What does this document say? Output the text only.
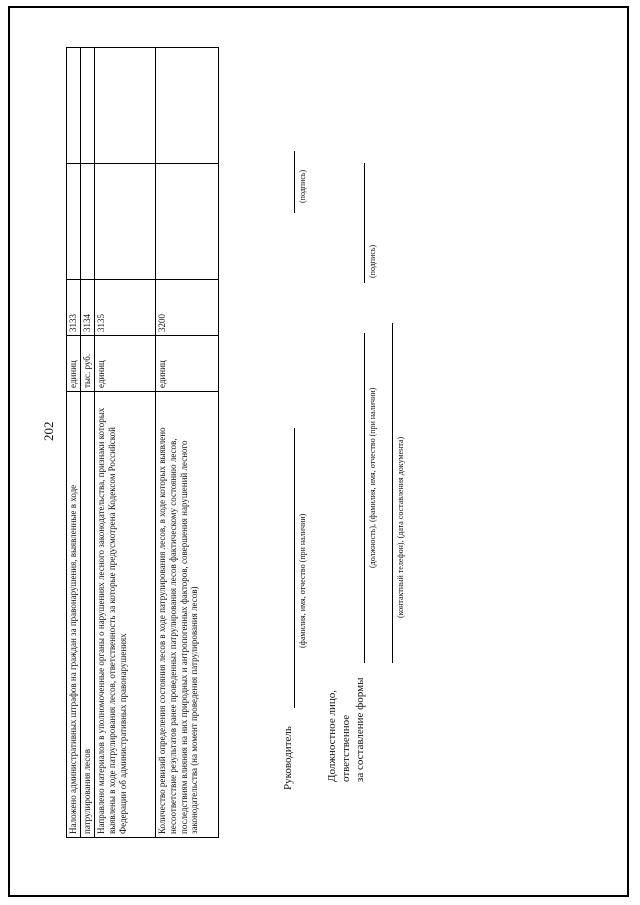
202
Наложено административных штрафов на граждан за правонарушения, выявленные в ходе	единиц	3133		
патрулирования лесов	тыс. руб.	3134		
Направлено материалов в уполномоченные органы о нарушениях лесного законодательства, признаки которых выявлены в ходе патрулирования лесов, ответственность за которые предусмотрена Кодексом Российской Федерации об административных правонарушениях	единиц	3135		
Количество ревизий определения состояния лесов в ходе патрулирования лесов, в ходе которых выявлено несоответствие результатов ранее проведенных патрулирования лесов фактическому состоянию лесов, последствиям влияния на них природных и антропогенных факторов, совершения нарушений лесного законодательства (на момент проведения патрулирования лесов)	единиц	3200		
Руководитель
(фамилия, имя, отчество (при наличии)
(подпись)
Должностное лицо, ответственное за составление формы
(должность), (фамилия, имя, отчество (при наличии)
(подпись)
(контактный телефон), (дата составления документа)
